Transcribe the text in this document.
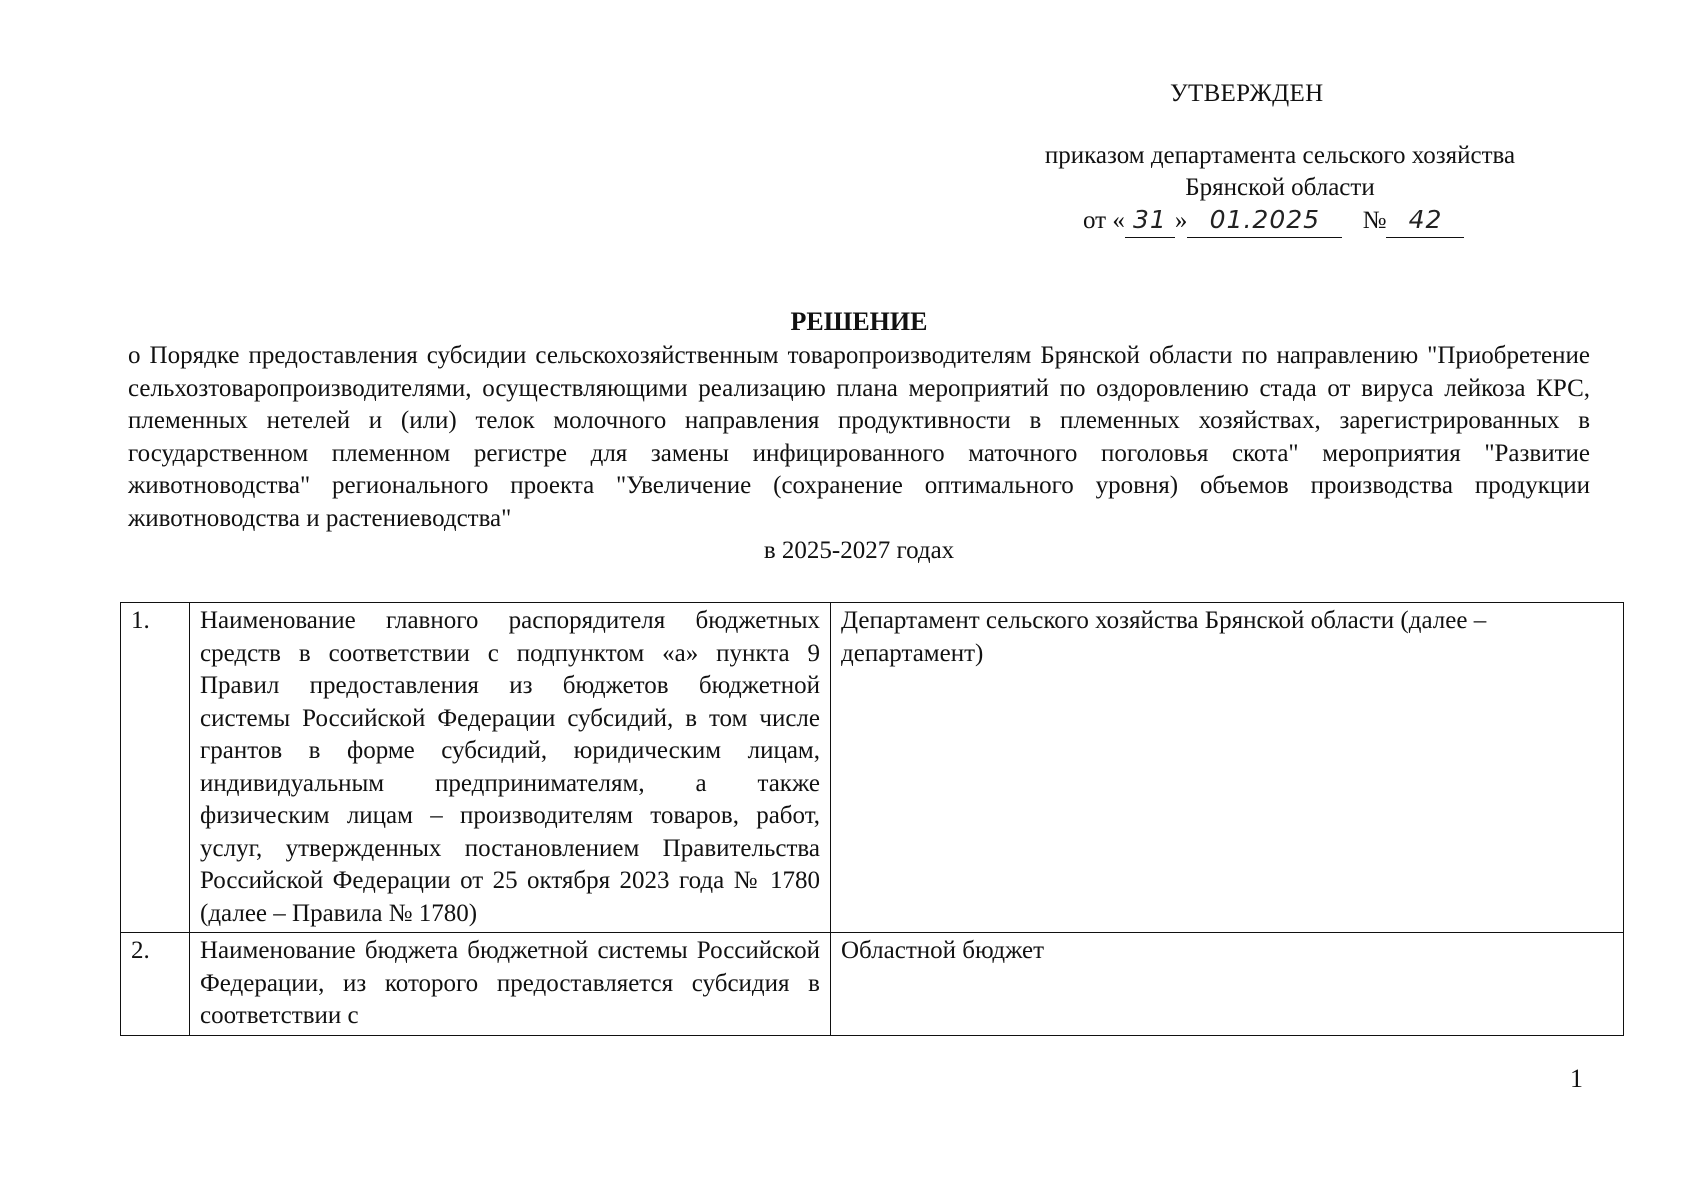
УТВЕРЖДЕН
приказом департамента сельского хозяйства
Брянской области
от « 31 » 01.2025 № 42
РЕШЕНИЕ
о Порядке предоставления субсидии сельскохозяйственным товаропроизводителям Брянской области по направлению "Приобретение сельхозтоваропроизводителями, осуществляющими реализацию плана мероприятий по оздоровлению стада от вируса лейкоза КРС, племенных нетелей и (или) телок молочного направления продуктивности в племенных хозяйствах, зарегистрированных в государственном племенном регистре для замены инфицированного маточного поголовья скота" мероприятия "Развитие животноводства" регионального проекта "Увеличение (сохранение оптимального уровня) объемов производства продукции животноводства и растениеводства"
в 2025-2027 годах
1.	Наименование главного распорядителя бюджетных средств в соответствии с подпунктом «а» пункта 9 Правил предоставления из бюджетов бюджетной системы Российской Федерации субсидий, в том числе грантов в форме субсидий, юридическим лицам, индивидуальным предпринимателям, а также физическим лицам – производителям товаров, работ, услуг, утвержденных постановлением Правительства Российской Федерации от 25 октября 2023 года № 1780 (далее – Правила № 1780)	Департамент сельского хозяйства Брянской области (далее – департамент)
2.	Наименование бюджета бюджетной системы Российской Федерации, из которого предоставляется субсидия в соответствии с	Областной бюджет
1
